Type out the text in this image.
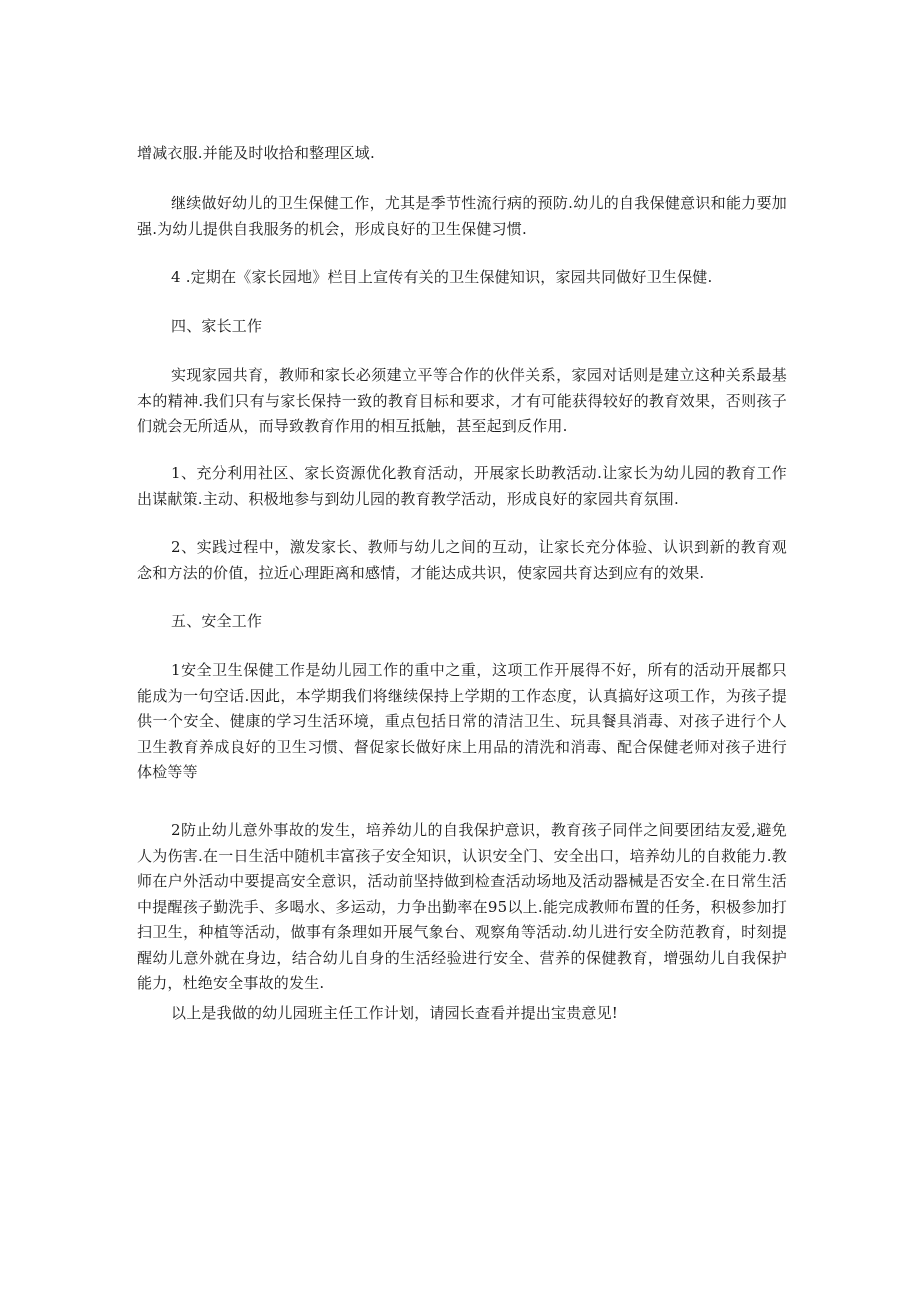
增减衣服.并能及时收拾和整理区域.

继续做好幼儿的卫生保健工作，尤其是季节性流行病的预防.幼儿的自我保健意识和能力要加强.为幼儿提供自我服务的机会，形成良好的卫生保健习惯.

4 .定期在《家长园地》栏目上宣传有关的卫生保健知识，家园共同做好卫生保健.

四、家长工作

实现家园共育，教师和家长必须建立平等合作的伙伴关系，家园对话则是建立这种关系最基本的精神.我们只有与家长保持一致的教育目标和要求，才有可能获得较好的教育效果，否则孩子们就会无所适从，而导致教育作用的相互抵触，甚至起到反作用.

1、充分利用社区、家长资源优化教育活动，开展家长助教活动.让家长为幼儿园的教育工作出谋献策.主动、积极地参与到幼儿园的教育教学活动，形成良好的家园共育氛围.

2、实践过程中，激发家长、教师与幼儿之间的互动，让家长充分体验、认识到新的教育观念和方法的价值，拉近心理距离和感情，才能达成共识，使家园共育达到应有的效果.

五、安全工作

1安全卫生保健工作是幼儿园工作的重中之重，这项工作开展得不好，所有的活动开展都只能成为一句空话.因此，本学期我们将继续保持上学期的工作态度，认真搞好这项工作，为孩子提供一个安全、健康的学习生活环境，重点包括日常的清洁卫生、玩具餐具消毒、对孩子进行个人卫生教育养成良好的卫生习惯、督促家长做好床上用品的清洗和消毒、配合保健老师对孩子进行体检等等

2防止幼儿意外事故的发生，培养幼儿的自我保护意识，教育孩子同伴之间要团结友爱,避免人为伤害.在一日生活中随机丰富孩子安全知识，认识安全门、安全出口，培养幼儿的自救能力.教师在户外活动中要提高安全意识，活动前坚持做到检查活动场地及活动器械是否安全.在日常生活中提醒孩子勤洗手、多喝水、多运动，力争出勤率在95以上.能完成教师布置的任务，积极参加打扫卫生，种植等活动，做事有条理如开展气象台、观察角等活动.幼儿进行安全防范教育，时刻提醒幼儿意外就在身边，结合幼儿自身的生活经验进行安全、营养的保健教育，增强幼儿自我保护能力，杜绝安全事故的发生.

以上是我做的幼儿园班主任工作计划，请园长查看并提出宝贵意见!
